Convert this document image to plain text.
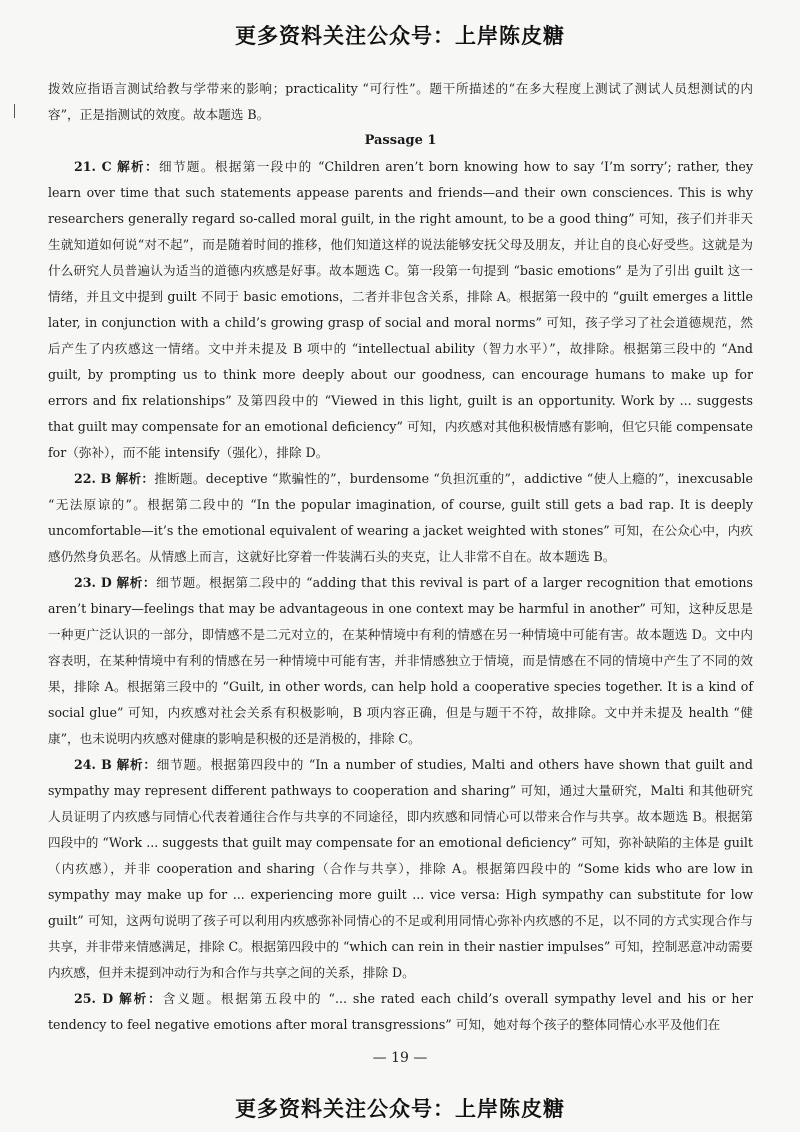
更多资料关注公众号：上岸陈皮糖

拨效应指语言测试给教与学带来的影响；practicality “可行性”。题干所描述的“在多大程度上测试了测试人员想测试的内容”，正是指测试的效度。故本题选 B。

Passage 1

21. C 解析：细节题。根据第一段中的 “Children aren’t born knowing how to say ‘I’m sorry’; rather, they learn over time that such statements appease parents and friends—and their own consciences. This is why researchers generally regard so-called moral guilt, in the right amount, to be a good thing” 可知，孩子们并非天生就知道如何说“对不起”，而是随着时间的推移，他们知道这样的说法能够安抚父母及朋友，并让自的良心好受些。这就是为什么研究人员普遍认为适当的道德内疚感是好事。故本题选 C。第一段第一句提到 “basic emotions” 是为了引出 guilt 这一情绪，并且文中提到 guilt 不同于 basic emotions，二者并非包含关系，排除 A。根据第一段中的 “guilt emerges a little later, in conjunction with a child’s growing grasp of social and moral norms” 可知，孩子学习了社会道德规范，然后产生了内疚感这一情绪。文中并未提及 B 项中的 “intellectual ability（智力水平）”，故排除。根据第三段中的 “And guilt, by prompting us to think more deeply about our goodness, can encourage humans to make up for errors and fix relationships” 及第四段中的 “Viewed in this light, guilt is an opportunity. Work by ... suggests that guilt may compensate for an emotional deficiency” 可知，内疚感对其他积极情感有影响，但它只能 compensate for（弥补），而不能 intensify（强化），排除 D。

22. B 解析：推断题。deceptive “欺骗性的”，burdensome “负担沉重的”，addictive “使人上瘾的”，inexcusable “无法原谅的”。根据第二段中的 “In the popular imagination, of course, guilt still gets a bad rap. It is deeply uncomfortable—it’s the emotional equivalent of wearing a jacket weighted with stones” 可知，在公众心中，内疚感仍然身负恶名。从情感上而言，这就好比穿着一件装满石头的夹克，让人非常不自在。故本题选 B。

23. D 解析：细节题。根据第二段中的 “adding that this revival is part of a larger recognition that emotions aren’t binary—feelings that may be advantageous in one context may be harmful in another” 可知，这种反思是一种更广泛认识的一部分，即情感不是二元对立的，在某种情境中有利的情感在另一种情境中可能有害。故本题选 D。文中内容表明，在某种情境中有利的情感在另一种情境中可能有害，并非情感独立于情境，而是情感在不同的情境中产生了不同的效果，排除 A。根据第三段中的 “Guilt, in other words, can help hold a cooperative species together. It is a kind of social glue” 可知，内疚感对社会关系有积极影响，B 项内容正确，但是与题干不符，故排除。文中并未提及 health “健康”，也未说明内疚感对健康的影响是积极的还是消极的，排除 C。

24. B 解析：细节题。根据第四段中的 “In a number of studies, Malti and others have shown that guilt and sympathy may represent different pathways to cooperation and sharing” 可知，通过大量研究，Malti 和其他研究人员证明了内疚感与同情心代表着通往合作与共享的不同途径，即内疚感和同情心可以带来合作与共享。故本题选 B。根据第四段中的 “Work ... suggests that guilt may compensate for an emotional deficiency” 可知，弥补缺陷的主体是 guilt（内疚感），并非 cooperation and sharing（合作与共享），排除 A。根据第四段中的 “Some kids who are low in sympathy may make up for ... experiencing more guilt ... vice versa: High sympathy can substitute for low guilt” 可知，这两句说明了孩子可以利用内疚感弥补同情心的不足或利用同情心弥补内疚感的不足，以不同的方式实现合作与共享，并非带来情感满足，排除 C。根据第四段中的 “which can rein in their nastier impulses” 可知，控制恶意冲动需要内疚感，但并未提到冲动行为和合作与共享之间的关系，排除 D。

25. D 解析：含义题。根据第五段中的 “... she rated each child’s overall sympathy level and his or her tendency to feel negative emotions after moral transgressions” 可知，她对每个孩子的整体同情心水平及他们在

— 19 —
更多资料关注公众号：上岸陈皮糖
